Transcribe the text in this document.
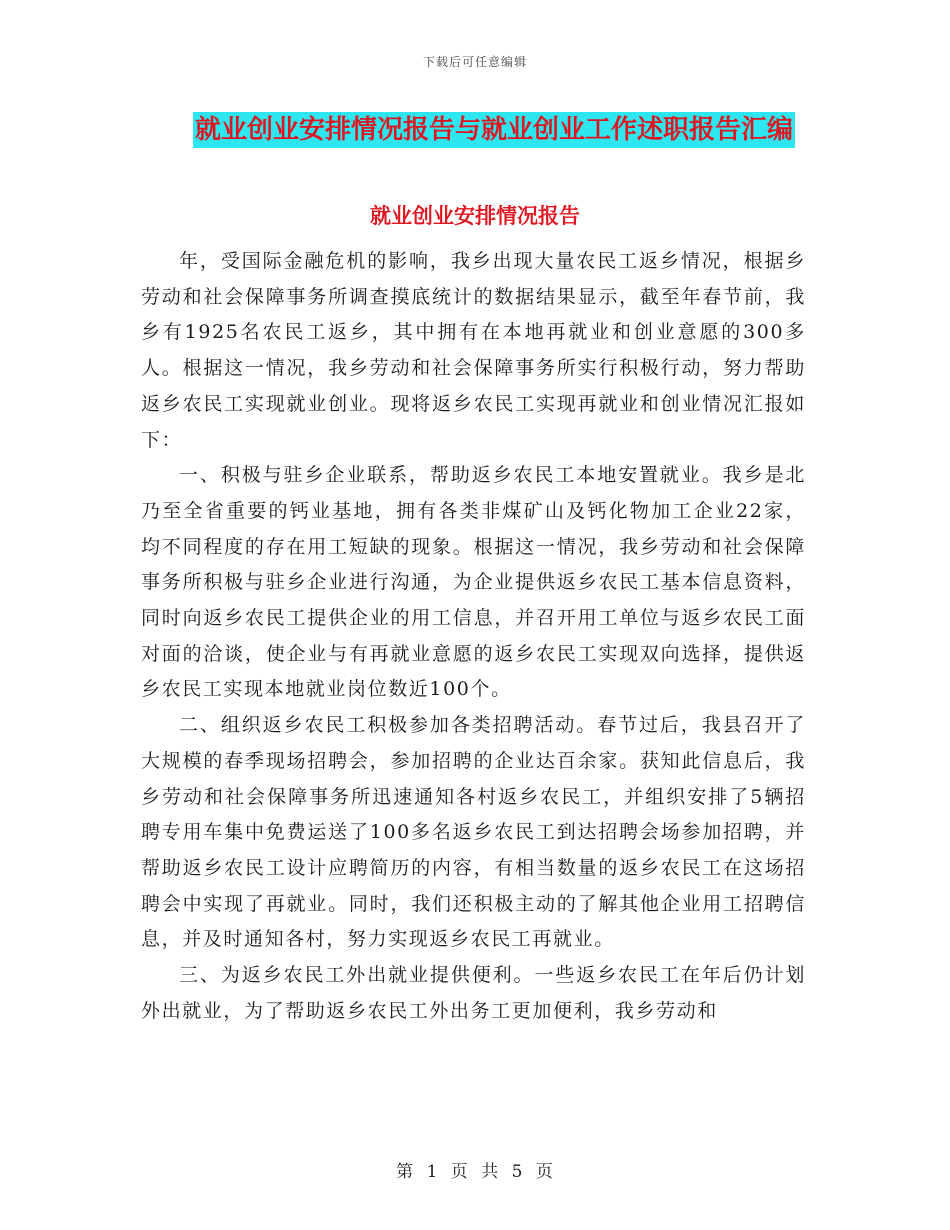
下载后可任意编辑
就业创业安排情况报告与就业创业工作述职报告汇编
就业创业安排情况报告

年，受国际金融危机的影响，我乡出现大量农民工返乡情况，根据乡劳动和社会保障事务所调查摸底统计的数据结果显示，截至年春节前，我乡有1925名农民工返乡，其中拥有在本地再就业和创业意愿的300多人。根据这一情况，我乡劳动和社会保障事务所实行积极行动，努力帮助返乡农民工实现就业创业。现将返乡农民工实现再就业和创业情况汇报如下：

一、积极与驻乡企业联系，帮助返乡农民工本地安置就业。我乡是北乃至全省重要的钙业基地，拥有各类非煤矿山及钙化物加工企业22家，均不同程度的存在用工短缺的现象。根据这一情况，我乡劳动和社会保障事务所积极与驻乡企业进行沟通，为企业提供返乡农民工基本信息资料，同时向返乡农民工提供企业的用工信息，并召开用工单位与返乡农民工面对面的洽谈，使企业与有再就业意愿的返乡农民工实现双向选择，提供返乡农民工实现本地就业岗位数近100个。

二、组织返乡农民工积极参加各类招聘活动。春节过后，我县召开了大规模的春季现场招聘会，参加招聘的企业达百余家。获知此信息后，我乡劳动和社会保障事务所迅速通知各村返乡农民工，并组织安排了5辆招聘专用车集中免费运送了100多名返乡农民工到达招聘会场参加招聘，并帮助返乡农民工设计应聘简历的内容，有相当数量的返乡农民工在这场招聘会中实现了再就业。同时，我们还积极主动的了解其他企业用工招聘信息，并及时通知各村，努力实现返乡农民工再就业。

三、为返乡农民工外出就业提供便利。一些返乡农民工在年后仍计划外出就业，为了帮助返乡农民工外出务工更加便利，我乡劳动和

第 1 页 共 5 页
